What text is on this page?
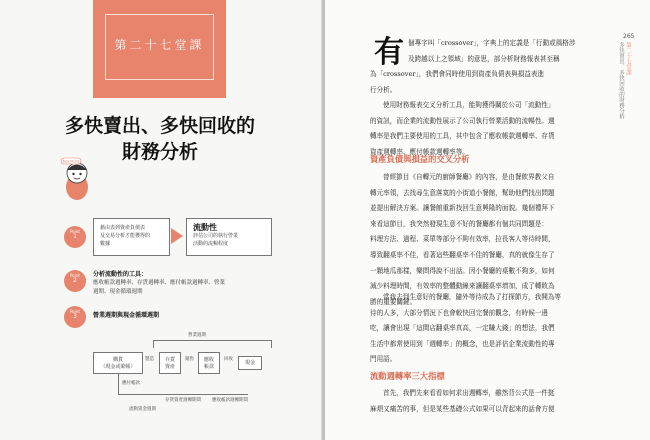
第二十七堂課
多快賣出、多快回收的
財務分析
Key Point
Point
1
藉由表列資產負債表
及交易分析才能獲得的
數據
流動性
評估公司的執行營業
活動的流暢程度
Point
2
分析流動性的工具：
應收帳款週轉率、存貨週轉率、應付帳款週轉率、營業
週期、現金循環週期
Point
3	營業週期與現金循環週期
營業週期
購貨
（現金或賒帳）
製造	存貨
資產
銷售	應收
帳款
回收
現金
應付帳款
存貨資產週轉期間 應收帳款週轉期間
流動資金週期
265
第二十七堂課
多快賣出、多快回收的財務分析
有 個專字叫「crossover」，字典上的定義是「行動或風格涉

及跨越以上之領域」的意思，部分析財務報表甚至稱

為「crossover」，我們會同時使用到資產負債表與損益表進

行分析。

使用財務報表交叉分析工具，能夠獲得關於公司「流動性」

的資訊，而企業的流動性展示了公司執行營業活動的流暢性。週

轉率是我們主要使用的工具，其中包含了應收帳款週轉率、存貨

資產週轉率、應付帳款週轉率等。

資產負債與損益的交叉分析

曾經節目《自轉元的廚師餐廳》的內容，是由餐飲界教父自

轉元率領，去找尋生意落寞的小街道小餐館，幫助他們找出問題

並提出解決方案。讓餐館重新找回生意興隆的面貌。幾個禮拜下

來看這節目，我突然發現生意不好的餐廳都有個共同問題是：

料理方法、過程、菜單等部分不夠有效率，拉長客人等待時間，

導致翻桌率不佳，看著這些翻桌率不佳的餐廳，真的就像生存了

一顆地瓜那樣，樂問得說不出話。因小餐廳的桌數不夠多，如何

減少料理時間，有效率的整體動線來讓翻桌率增加，成了轉敗為

勝的重要關鍵。

當我去到生意好的餐廳，隨外等待成為了打探節方，我開為等

待的人多，大部分情況下也會較快回完餐前觀念，有時候一邊

吃，讓會出現「這間店翻桌率真高，一定賺大錢」的想法，我們

生活中都常使用到「週轉率」的概念，也是評估企業流動性的專

門用語。

流動週轉率三大指標

首先，我們先來看看如何求出週轉率，雖然背公式是一件挺

麻煩又痛苦的事，但是某些基礎公式如果可以背起來的話會方便
